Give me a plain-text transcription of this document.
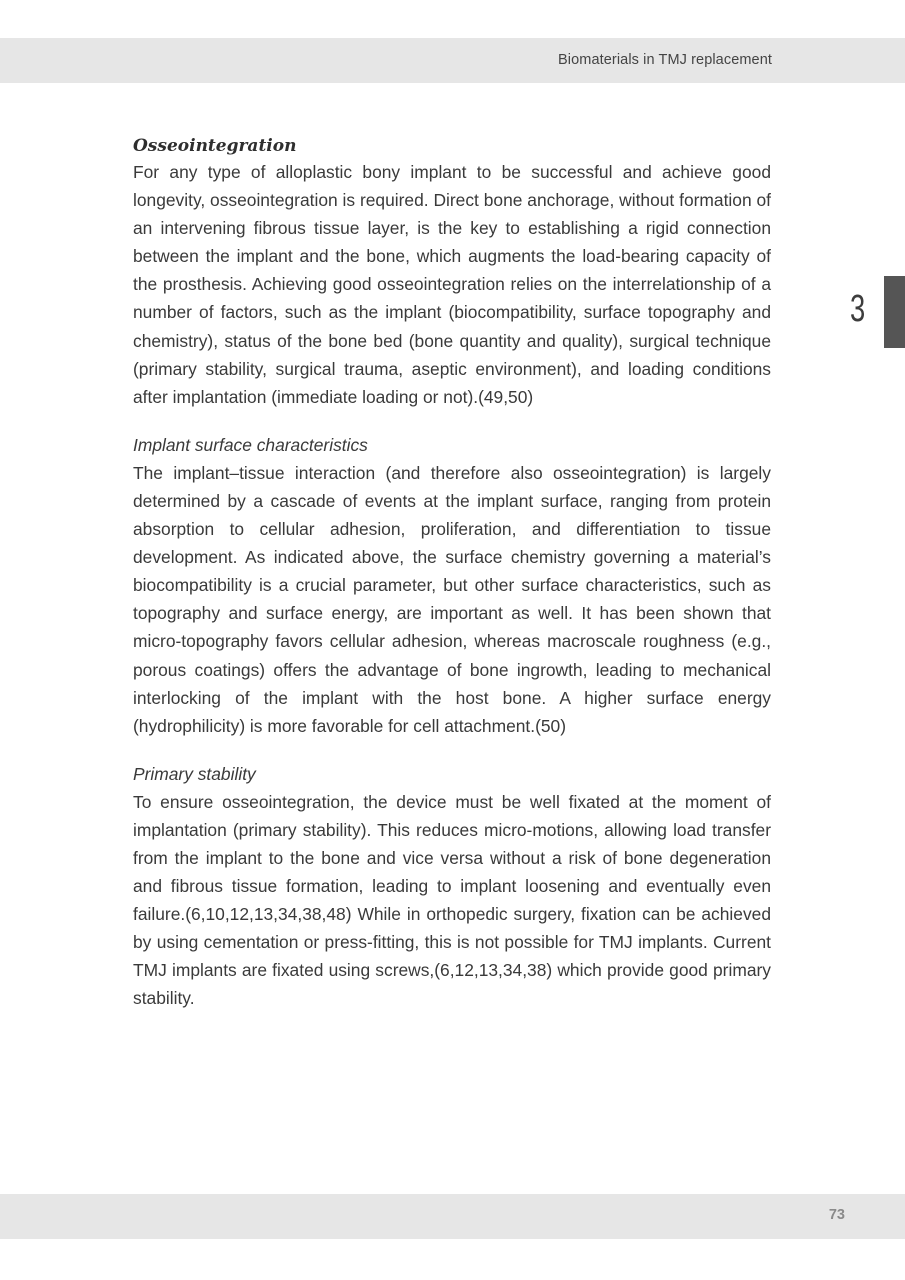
Biomaterials in TMJ replacement
3
Osseointegration

For any type of alloplastic bony implant to be successful and achieve good longevity, osseointegration is required. Direct bone anchorage, without formation of an intervening fibrous tissue layer, is the key to establishing a rigid connection between the implant and the bone, which augments the load-bearing capacity of the prosthesis. Achieving good osseointegration relies on the interrelationship of a number of factors, such as the implant (biocompatibility, surface topography and chemistry), status of the bone bed (bone quantity and quality), surgical technique (primary stability, surgical trauma, aseptic environment), and loading conditions after implantation (immediate loading or not).(49,50)

Implant surface characteristics

The implant–tissue interaction (and therefore also osseointegration) is largely determined by a cascade of events at the implant surface, ranging from protein absorption to cellular adhesion, proliferation, and differentiation to tissue development. As indicated above, the surface chemistry governing a material’s biocompatibility is a crucial parameter, but other surface characteristics, such as topography and surface energy, are important as well. It has been shown that micro-topography favors cellular adhesion, whereas macroscale roughness (e.g., porous coatings) offers the advantage of bone ingrowth, leading to mechanical interlocking of the implant with the host bone. A higher surface energy (hydrophilicity) is more favorable for cell attachment.(50)

Primary stability

To ensure osseointegration, the device must be well fixated at the moment of implantation (primary stability). This reduces micro-motions, allowing load transfer from the implant to the bone and vice versa without a risk of bone degeneration and fibrous tissue formation, leading to implant loosening and eventually even failure.(6,10,12,13,34,38,48) While in orthopedic surgery, fixation can be achieved by using cementation or press-fitting, this is not possible for TMJ implants. Current TMJ implants are fixated using screws,(6,12,13,34,38) which provide good primary stability.

73
